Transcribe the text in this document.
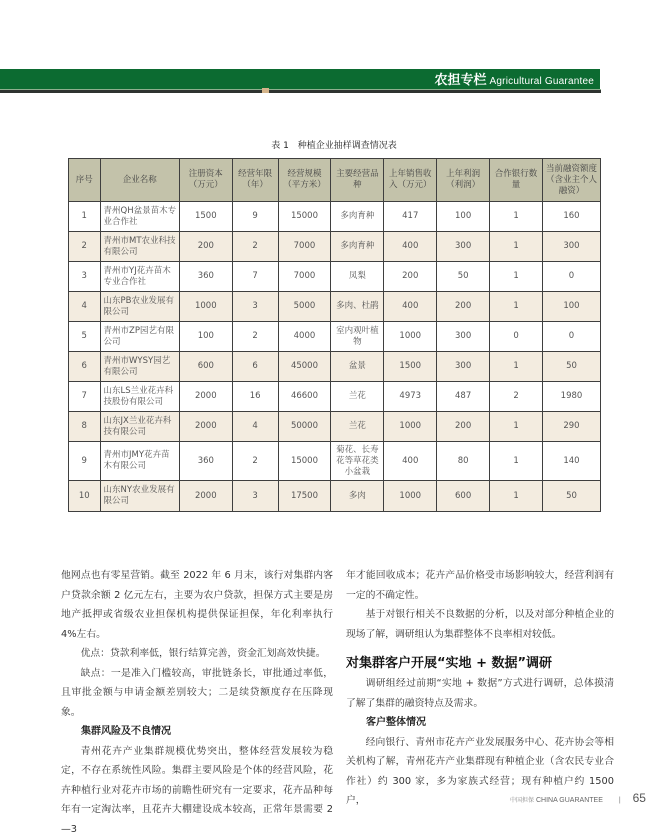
农担专栏 Agricultural Guarantee
表 1　种植企业抽样调查情况表
序号	企业名称	注册资本（万元）	经营年限（年）	经营规模（平方米）	主要经营品种	上年销售收入（万元）	上年利润（利润）	合作银行数量	当前融资额度（含业主个人融资）
1	青州QH盆景苗木专业合作社	1500	9	15000	多肉育种	417	100	1	160
2	青州市MT农业科技有限公司	200	2	7000	多肉育种	400	300	1	300
3	青州市YJ花卉苗木专业合作社	360	7	7000	凤梨	200	50	1	0
4	山东PB农业发展有限公司	1000	3	5000	多肉、杜鹃	400	200	1	100
5	青州市ZP园艺有限公司	100	2	4000	室内观叶植物	1000	300	0	0
6	青州市WYSY园艺有限公司	600	6	45000	盆景	1500	300	1	50
7	山东LS兰业花卉科技股份有限公司	2000	16	46600	兰花	4973	487	2	1980
8	山东JX兰业花卉科技有限公司	2000	4	50000	兰花	1000	200	1	290
9	青州市JMY花卉苗木有限公司	360	2	15000	菊花、长寿花等草花类小盆栽	400	80	1	140
10	山东NY农业发展有限公司	2000	3	17500	多肉	1000	600	1	50

他网点也有零星营销。截至 2022 年 6 月末，该行对集群内客户贷款余额 2 亿元左右，主要为农户贷款，担保方式主要是房地产抵押或省级农业担保机构提供保证担保，年化利率执行 4%左右。

优点：贷款利率低，银行结算完善，资金汇划高效快捷。

缺点：一是准入门槛较高，审批链条长，审批通过率低，且审批金额与申请金额差别较大；二是续贷额度存在压降现象。

集群风险及不良情况

青州花卉产业集群规模优势突出，整体经营发展较为稳定，不存在系统性风险。集群主要风险是个体的经营风险，花卉种植行业对花卉市场的前瞻性研究有一定要求，花卉品种每年有一定淘汰率，且花卉大棚建设成本较高，正常年景需要 2—3

年才能回收成本；花卉产品价格受市场影响较大，经营利润有一定的不确定性。

基于对银行相关不良数据的分析，以及对部分种植企业的现场了解，调研组认为集群整体不良率相对较低。

对集群客户开展“实地 + 数据”调研

调研组经过前期“实地 + 数据”方式进行调研，总体摸清了解了集群的融资特点及需求。

客户整体情况

经向银行、青州市花卉产业发展服务中心、花卉协会等相关机构了解，青州花卉产业集群现有种植企业（含农民专业合作社）约 300 家，多为家族式经营；现有种植户约 1500 户，	中国担保 CHINA GUARANTEE | 65
